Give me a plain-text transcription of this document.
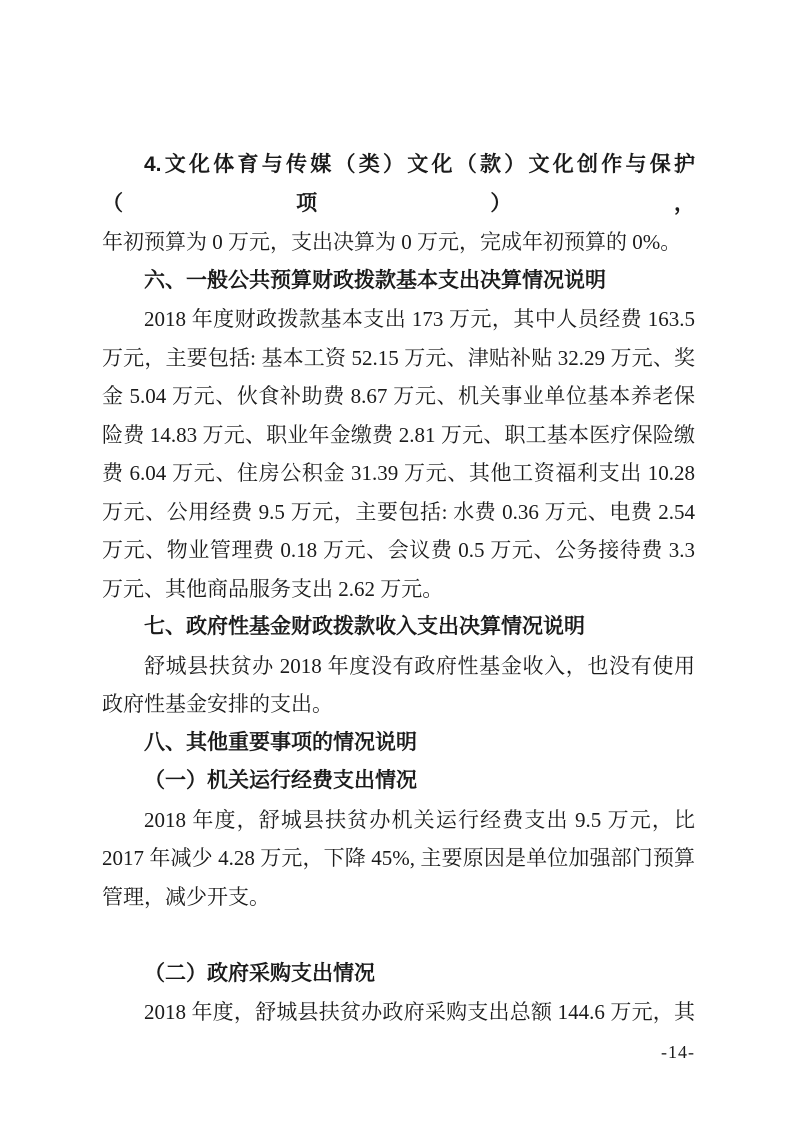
4.文化体育与传媒（类）文化（款）文化创作与保护（项），
年初预算为 0 万元，支出决算为 0 万元，完成年初预算的 0%。
六、一般公共预算财政拨款基本支出决算情况说明
2018 年度财政拨款基本支出 173 万元，其中人员经费 163.5
万元，主要包括: 基本工资 52.15 万元、津贴补贴 32.29 万元、奖
金 5.04 万元、伙食补助费 8.67 万元、机关事业单位基本养老保
险费 14.83 万元、职业年金缴费 2.81 万元、职工基本医疗保险缴
费 6.04 万元、住房公积金 31.39 万元、其他工资福利支出 10.28
万元、公用经费 9.5 万元，主要包括: 水费 0.36 万元、电费 2.54
万元、物业管理费 0.18 万元、会议费 0.5 万元、公务接待费 3.3
万元、其他商品服务支出 2.62 万元。
七、政府性基金财政拨款收入支出决算情况说明
舒城县扶贫办 2018 年度没有政府性基金收入，也没有使用
政府性基金安排的支出。
八、其他重要事项的情况说明
（一）机关运行经费支出情况
2018 年度，舒城县扶贫办机关运行经费支出 9.5 万元，比
2017 年减少 4.28 万元，下降 45%, 主要原因是单位加强部门预算
管理，减少开支。
（二）政府采购支出情况
2018 年度，舒城县扶贫办政府采购支出总额 144.6 万元，其
-14-
